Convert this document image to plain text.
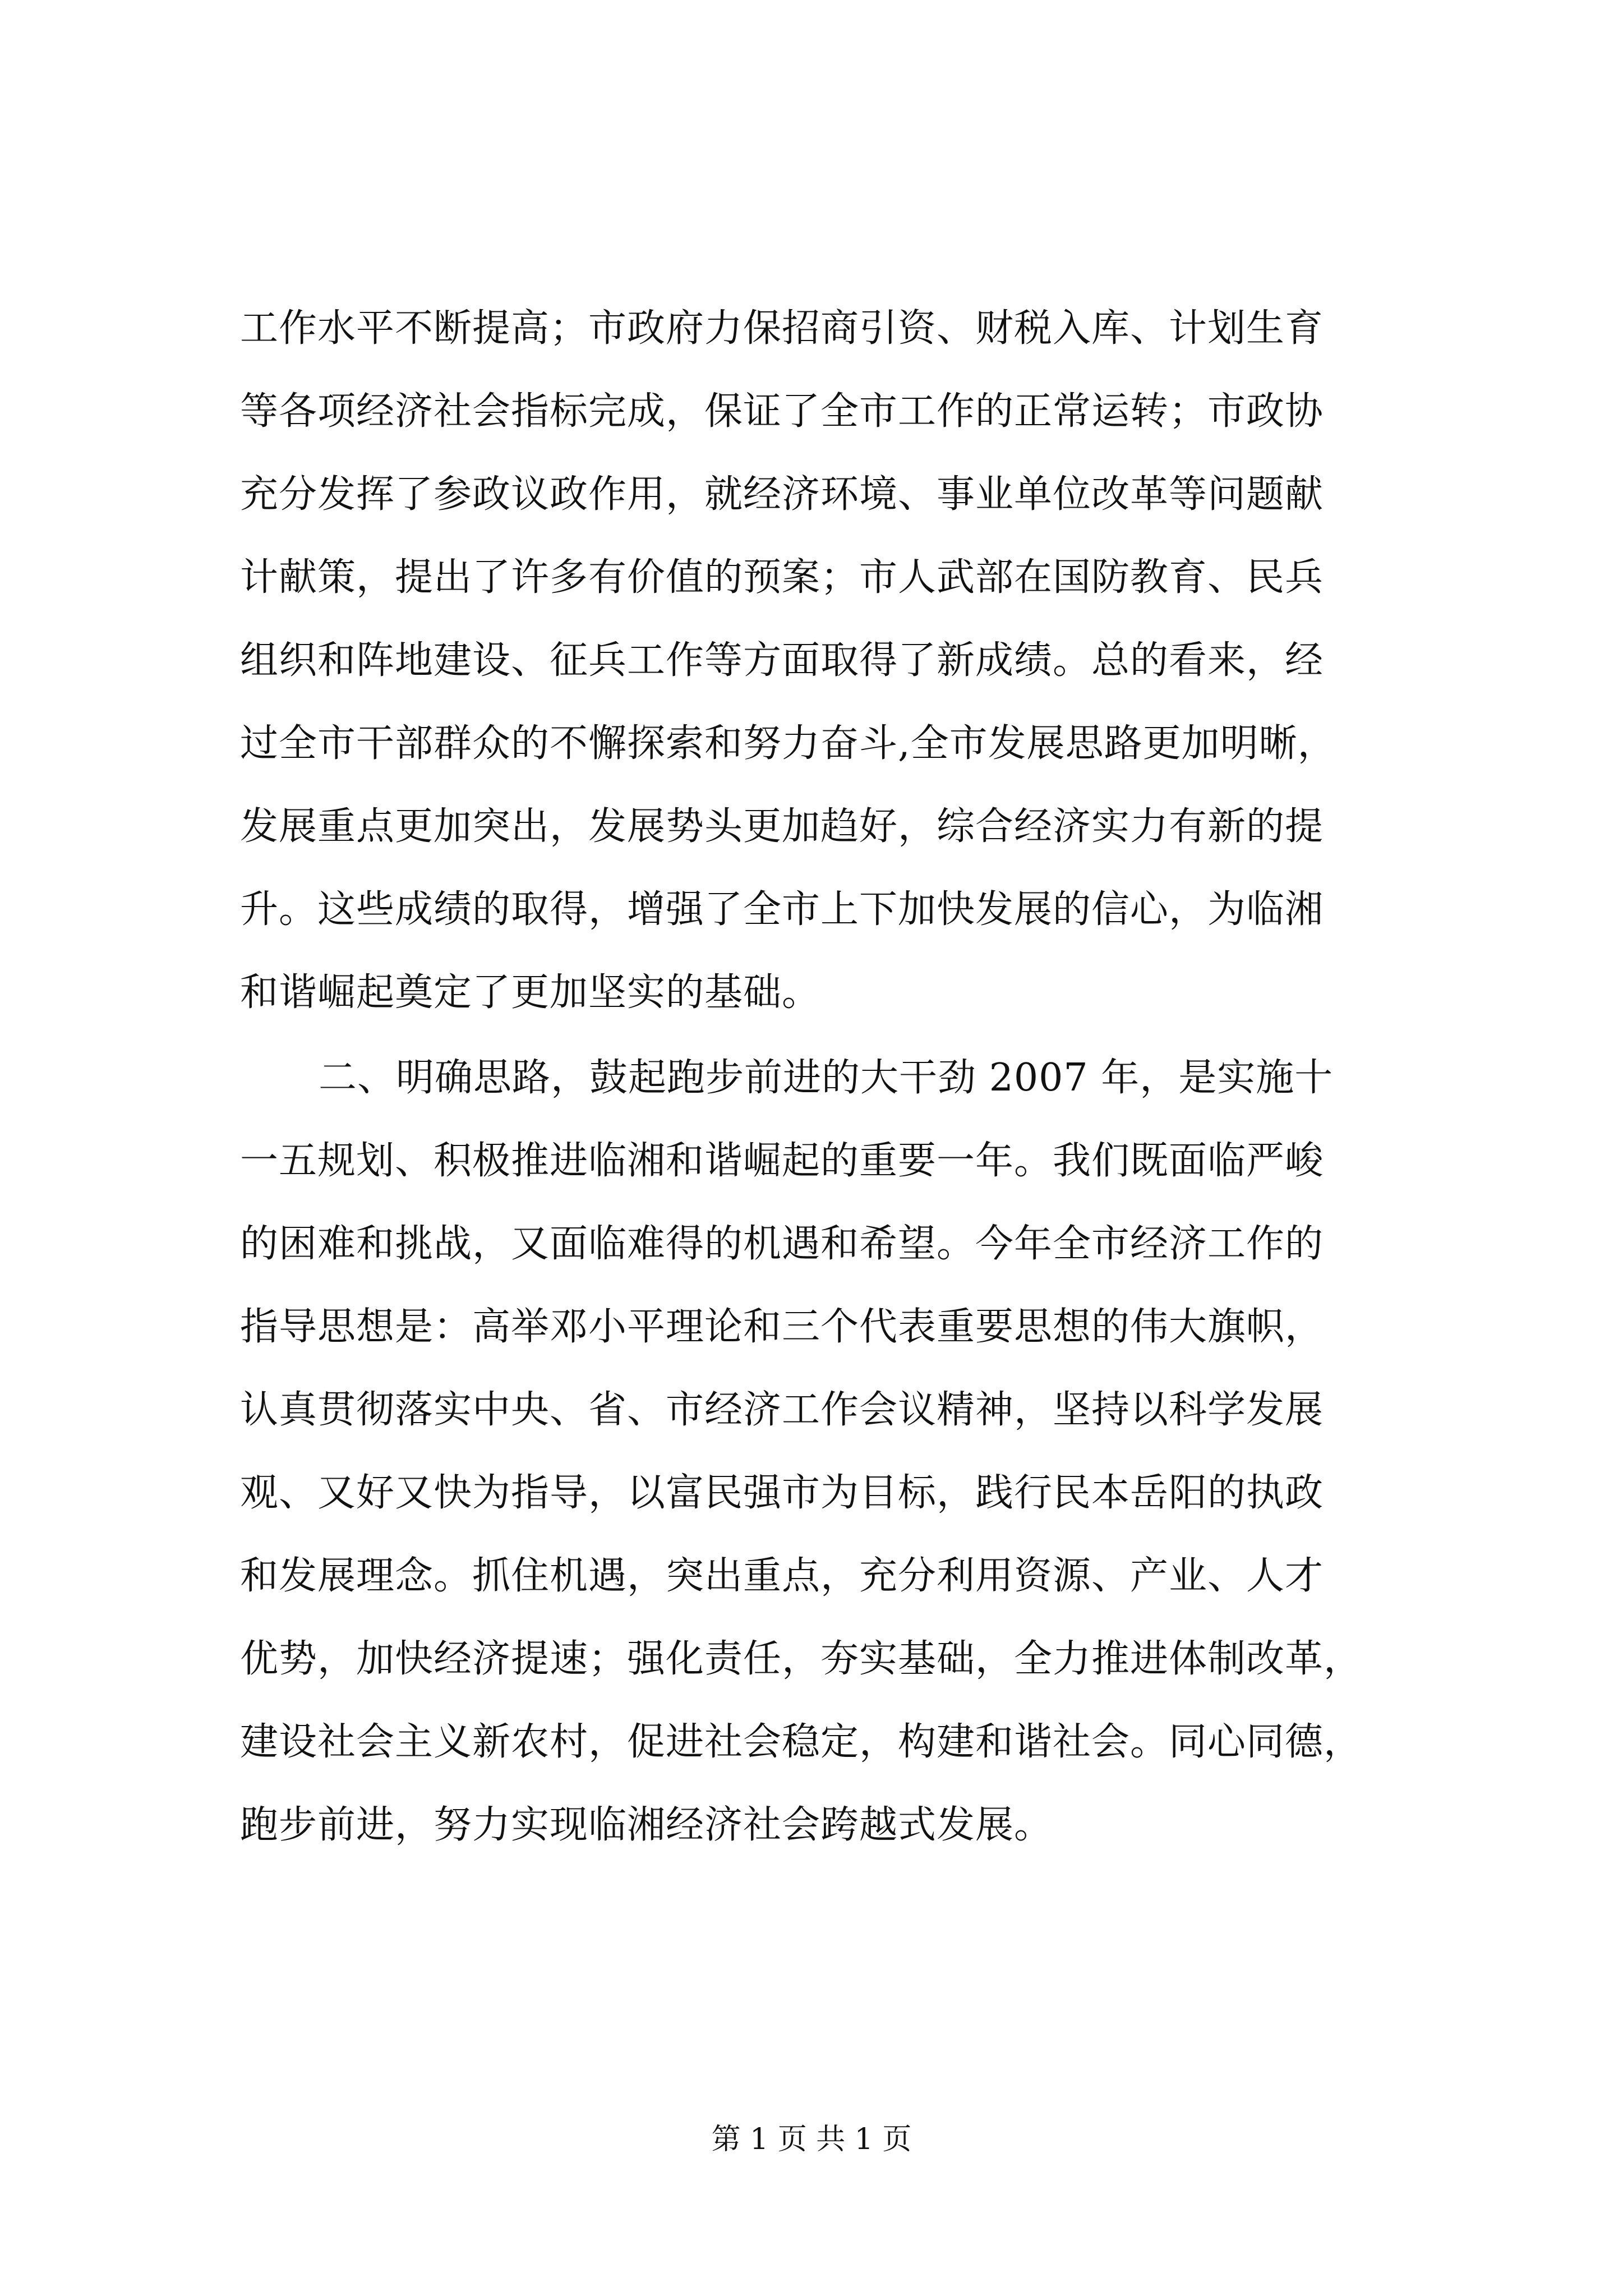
工作水平不断提高；市政府力保招商引资、财税入库、计划生育
等各项经济社会指标完成，保证了全市工作的正常运转；市政协
充分发挥了参政议政作用，就经济环境、事业单位改革等问题献
计献策，提出了许多有价值的预案；市人武部在国防教育、民兵
组织和阵地建设、征兵工作等方面取得了新成绩。总的看来，经
过全市干部群众的不懈探索和努力奋斗,全市发展思路更加明晰，
发展重点更加突出，发展势头更加趋好，综合经济实力有新的提
升。这些成绩的取得，增强了全市上下加快发展的信心，为临湘
和谐崛起奠定了更加坚实的基础。
二、明确思路，鼓起跑步前进的大干劲 2007 年，是实施十
一五规划、积极推进临湘和谐崛起的重要一年。我们既面临严峻
的困难和挑战，又面临难得的机遇和希望。今年全市经济工作的
指导思想是：高举邓小平理论和三个代表重要思想的伟大旗帜，
认真贯彻落实中央、省、市经济工作会议精神，坚持以科学发展
观、又好又快为指导，以富民强市为目标，践行民本岳阳的执政
和发展理念。抓住机遇，突出重点，充分利用资源、产业、人才
优势，加快经济提速；强化责任，夯实基础，全力推进体制改革，
建设社会主义新农村，促进社会稳定，构建和谐社会。同心同德，
跑步前进，努力实现临湘经济社会跨越式发展。
第 1 页 共 1 页
